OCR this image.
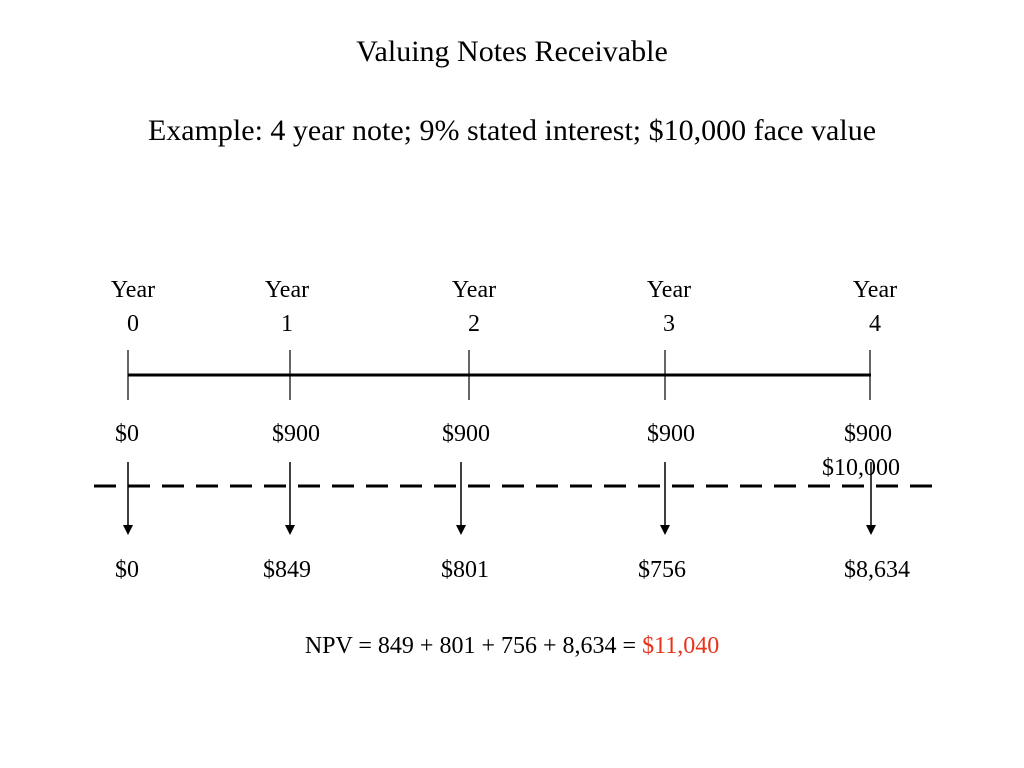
Valuing Notes Receivable
Example: 4 year note; 9% stated interest; $10,000 face value
Year
0
$0
$0
Year
1
$900
$849
Year
2
$900
$801
Year
3
$900
$756
Year
4
$900
$10,000
$8,634
NPV = 849 + 801 + 756 + 8,634 = $11,040
